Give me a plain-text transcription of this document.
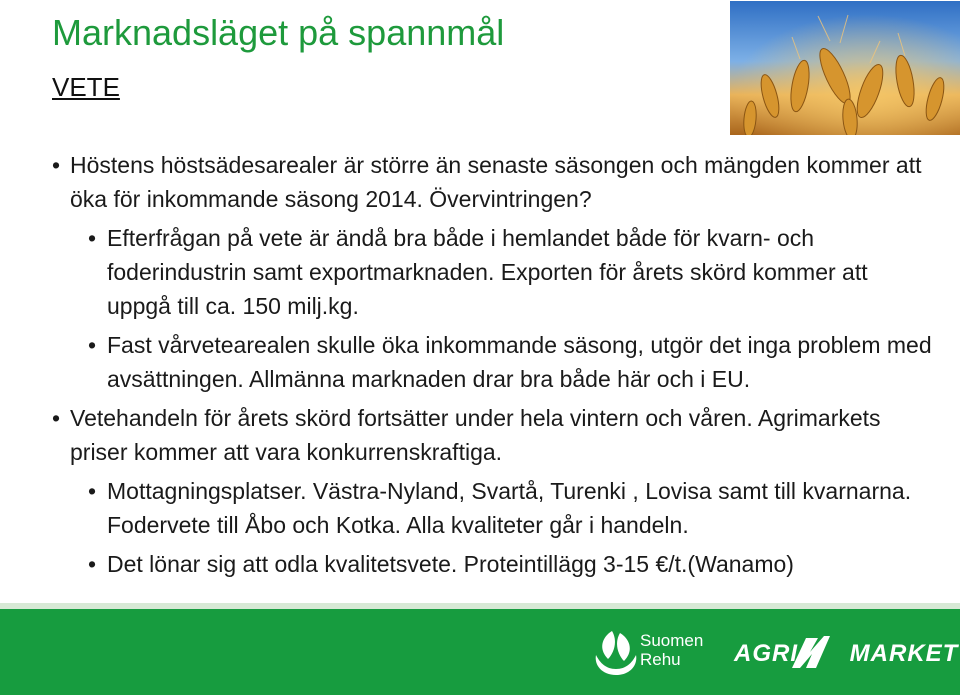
Marknadsläget på spannmål
VETE

• Höstens höstsädesarealer är större än senaste säsongen och mängden kommer att öka för inkommande säsong 2014. Övervintringen?

• Efterfrågan på vete är ändå bra både i hemlandet både för kvarn- och foderindustrin samt exportmarknaden. Exporten för årets skörd kommer att uppgå till ca. 150 milj.kg.

• Fast vårvetearealen skulle öka inkommande säsong, utgör det inga problem med avsättningen. Allmänna marknaden drar bra både här och i EU.

• Vetehandeln för årets skörd fortsätter under hela vintern och våren. Agrimarkets priser kommer att vara konkurrenskraftiga.

• Mottagningsplatser. Västra-Nyland, Svartå, Turenki , Lovisa samt till kvarnarna. Fodervete till Åbo och Kotka. Alla kvaliteter går i handeln.

• Det lönar sig att odla kvalitetsvete. Proteintillägg 3-15 €/t.(Wanamo)

Suomen
Rehu	AGRI MARKET
